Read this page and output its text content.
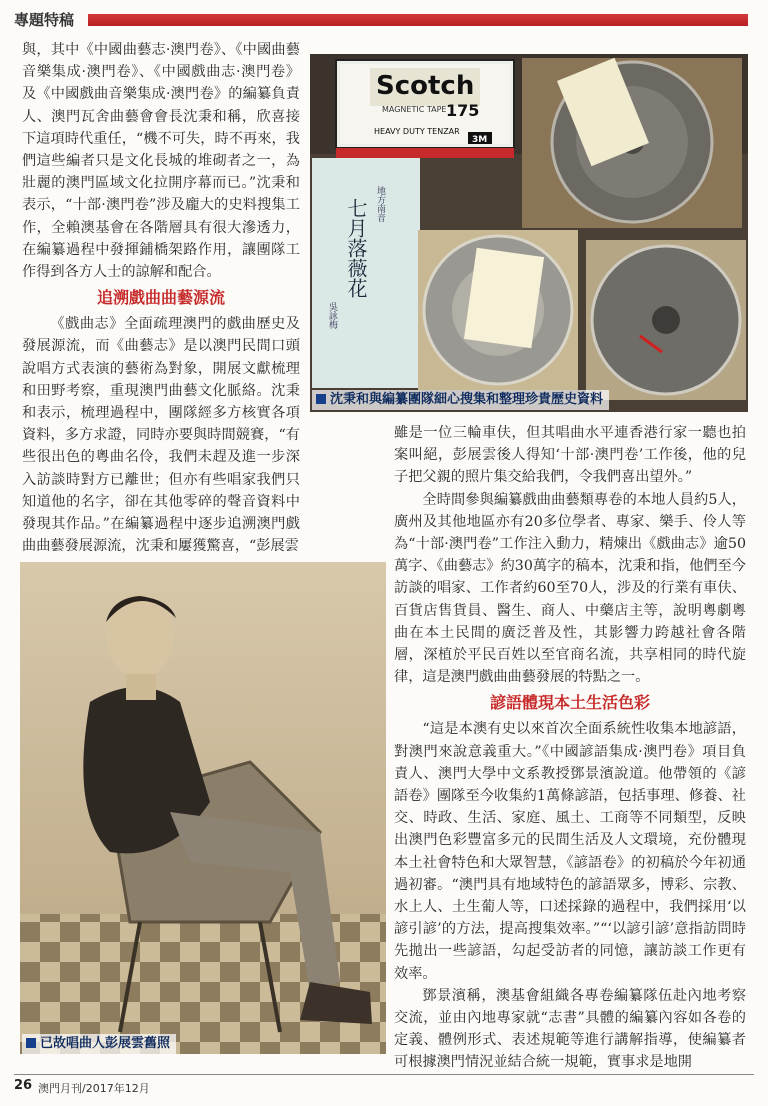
專題特稿

與，其中《中國曲藝志·澳門卷》、《中國曲藝音樂集成·澳門卷》、《中國戲曲志·澳門卷》及《中國戲曲音樂集成·澳門卷》的編纂負責人、澳門瓦舍曲藝會會長沈秉和稱，欣喜接下這項時代重任，“機不可失，時不再來，我們這些編者只是文化長城的堆砌者之一，為壯麗的澳門區域文化拉開序幕而已。”沈秉和表示，“十部·澳門卷”涉及龐大的史料搜集工作，全賴澳基會在各階層具有很大滲透力，在編纂過程中發揮鋪橋架路作用，讓團隊工作得到各方人士的諒解和配合。

追溯戲曲曲藝源流

《戲曲志》全面疏理澳門的戲曲歷史及發展源流，而《曲藝志》是以澳門民間口頭說唱方式表演的藝術為對象，開展文獻梳理和田野考察，重現澳門曲藝文化脈絡。沈秉和表示，梳理過程中，團隊經多方核實各項資料，多方求證，同時亦要與時間競賽，“有些很出色的粵曲名伶，我們未趕及進一步深入訪談時對方已離世；但亦有些唱家我們只知道他的名字，卻在其他零碎的聲音資料中發現其作品。”在編纂過程中逐步追溯澳門戲曲曲藝發展源流，沈秉和屢獲驚喜，“彭展雲

Scotch
MAGNETIC TAPE 175
HEAVY DUTY TENZAR
3M
地方南音
七月落薇花
吳詠梅
沈秉和與編纂團隊細心搜集和整理珍貴歷史資料

雖是一位三輪車伕，但其唱曲水平連香港行家一聽也拍案叫絕，彭展雲後人得知‘十部·澳門卷’工作後，他的兒子把父親的照片集交給我們，令我們喜出望外。”

全時間參與編纂戲曲曲藝類專卷的本地人員約5人，廣州及其他地區亦有20多位學者、專家、樂手、伶人等為“十部·澳門卷”工作注入動力，精煉出《戲曲志》逾50萬字、《曲藝志》約30萬字的稿本，沈秉和指，他們至今訪談的唱家、工作者約60至70人，涉及的行業有車伕、百貨店售貨員、醫生、商人、中藥店主等，說明粵劇粵曲在本土民間的廣泛普及性，其影響力跨越社會各階層，深植於平民百姓以至官商名流，共享相同的時代旋律，這是澳門戲曲曲藝發展的特點之一。

諺語體現本土生活色彩

“這是本澳有史以來首次全面系統性收集本地諺語，對澳門來說意義重大。”《中國諺語集成·澳門卷》項目負責人、澳門大學中文系教授鄧景濱說道。他帶領的《諺語卷》團隊至今收集約1萬條諺語，包括事理、修養、社交、時政、生活、家庭、風土、工商等不同類型，反映出澳門色彩豐富多元的民間生活及人文環境，充份體現本土社會特色和大眾智慧，《諺語卷》的初稿於今年初通過初審。“澳門具有地域特色的諺語眾多，博彩、宗教、水上人、土生葡人等，口述採錄的過程中，我們採用‘以諺引諺’的方法，提高搜集效率。”“‘以諺引諺’意指訪問時先拋出一些諺語，勾起受訪者的同憶，讓訪談工作更有效率。

鄧景濱稱，澳基會組織各專卷編纂隊伍赴內地考察交流，並由內地專家就“志書”具體的編纂內容如各卷的定義、體例形式、表述規範等進行講解指導，使編纂者可根據澳門情況並結合統一規範，實事求是地開

已故唱曲人彭展雲舊照
26 澳門月刊/2017年12月
